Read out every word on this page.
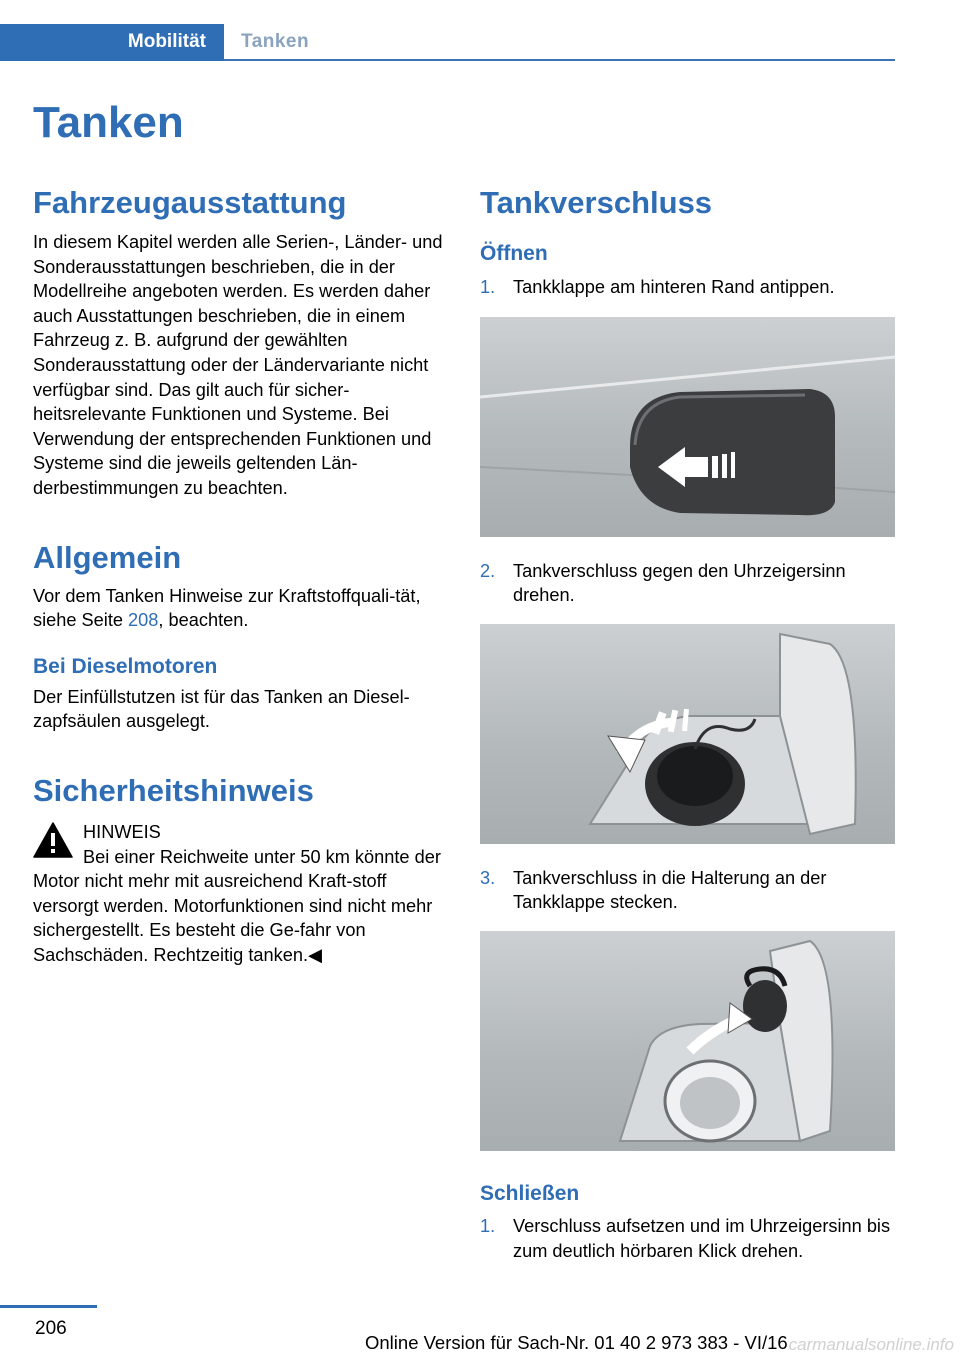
Mobilität Tanken
Tanken
Fahrzeugausstattung

In diesem Kapitel werden alle Serien-, Länder- und Sonderausstattungen beschrieben, die in der Modellreihe angeboten werden. Es werden daher auch Ausstattungen beschrieben, die in einem Fahrzeug z. B. aufgrund der gewählten Sonderausstattung oder der Ländervariante nicht verfügbar sind. Das gilt auch für sicher-heitsrelevante Funktionen und Systeme. Bei Verwendung der entsprechenden Funktionen und Systeme sind die jeweils geltenden Län-derbestimmungen zu beachten.

Allgemein

Vor dem Tanken Hinweise zur Kraftstoffquali-tät, siehe Seite 208, beachten.

Bei Dieselmotoren

Der Einfüllstutzen ist für das Tanken an Diesel-zapfsäulen ausgelegt.

Sicherheitshinweis
HINWEIS
Bei einer Reichweite unter 50 km könnte der Motor nicht mehr mit ausreichend Kraft-stoff versorgt werden. Motorfunktionen sind nicht mehr sichergestellt. Es besteht die Ge-fahr von Sachschäden. Rechtzeitig tanken.◀
Tankverschluss
Öffnen
1. Tankklappe am hinteren Rand antippen.
2. Tankverschluss gegen den Uhrzeigersinn drehen.
3. Tankverschluss in die Halterung an der Tankklappe stecken.
Schließen
1. Verschluss aufsetzen und im Uhrzeigersinn bis zum deutlich hörbaren Klick drehen.
206
Online Version für Sach-Nr. 01 40 2 973 383 - VI/16 carmanualsonline.info
